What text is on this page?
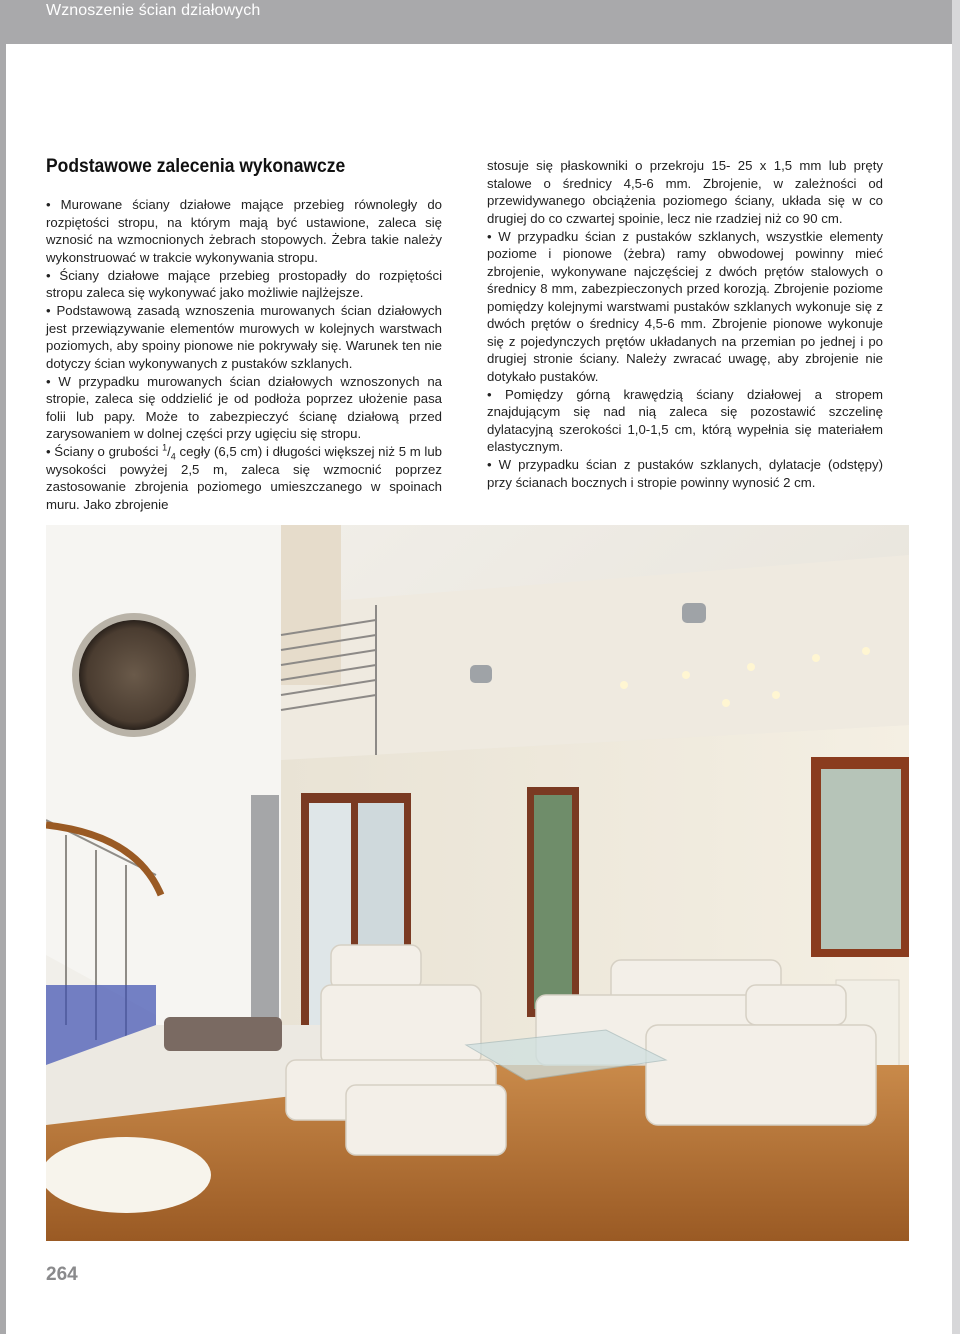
Wznoszenie ścian działowych
Podstawowe zalecenia wykonawcze

• Murowane ściany działowe mające przebieg równoległy do rozpiętości stropu, na którym mają być ustawione, zaleca się wznosić na wzmocnionych żebrach stopowych. Żebra takie należy wykonstruować w trakcie wykonywania stropu.

• Ściany działowe mające przebieg prostopadły do rozpiętości stropu zaleca się wykonywać jako możliwie najlżejsze.

• Podstawową zasadą wznoszenia murowanych ścian działowych jest przewiązywanie elementów murowych w kolejnych warstwach poziomych, aby spoiny pionowe nie pokrywały się. Warunek ten nie dotyczy ścian wykonywanych z pustaków szklanych.

• W przypadku murowanych ścian działowych wznoszonych na stropie, zaleca się oddzielić je od podłoża poprzez ułożenie pasa folii lub papy. Może to zabezpieczyć ścianę działową przed zarysowaniem w dolnej części przy ugięciu się stropu.

• Ściany o grubości $^1/_4$ cegły (6,5 cm) i długości większej niż 5 m lub wysokości powyżej 2,5 m, zaleca się wzmocnić poprzez zastosowanie zbrojenia poziomego umieszczanego w spoinach muru. Jako zbrojenie

stosuje się płaskowniki o przekroju 15- 25 x 1,5 mm lub pręty stalowe o średnicy 4,5-6 mm. Zbrojenie, w zależności od przewidywanego obciążenia poziomego ściany, układa się w co drugiej do co czwartej spoinie, lecz nie rzadziej niż co 90 cm.

• W przypadku ścian z pustaków szklanych, wszystkie elementy poziome i pionowe (żebra) ramy obwodowej powinny mieć zbrojenie, wykonywane najczęściej z dwóch prętów stalowych o średnicy 8 mm, zabezpieczonych przed korozją. Zbrojenie poziome pomiędzy kolejnymi warstwami pustaków szklanych wykonuje się z dwóch prętów o średnicy 4,5-6 mm. Zbrojenie pionowe wykonuje się z pojedynczych prętów układanych na przemian po jednej i po drugiej stronie ściany. Należy zwracać uwagę, aby zbrojenie nie dotykało pustaków.

• Pomiędzy górną krawędzią ściany działowej a stropem znajdującym się nad nią zaleca się pozostawić szczelinę dylatacyjną szerokości 1,0-1,5 cm, którą wypełnia się materiałem elastycznym.

• W przypadku ścian z pustaków szklanych, dylatacje (odstępy) przy ścianach bocznych i stropie powinny wynosić 2 cm.

264
